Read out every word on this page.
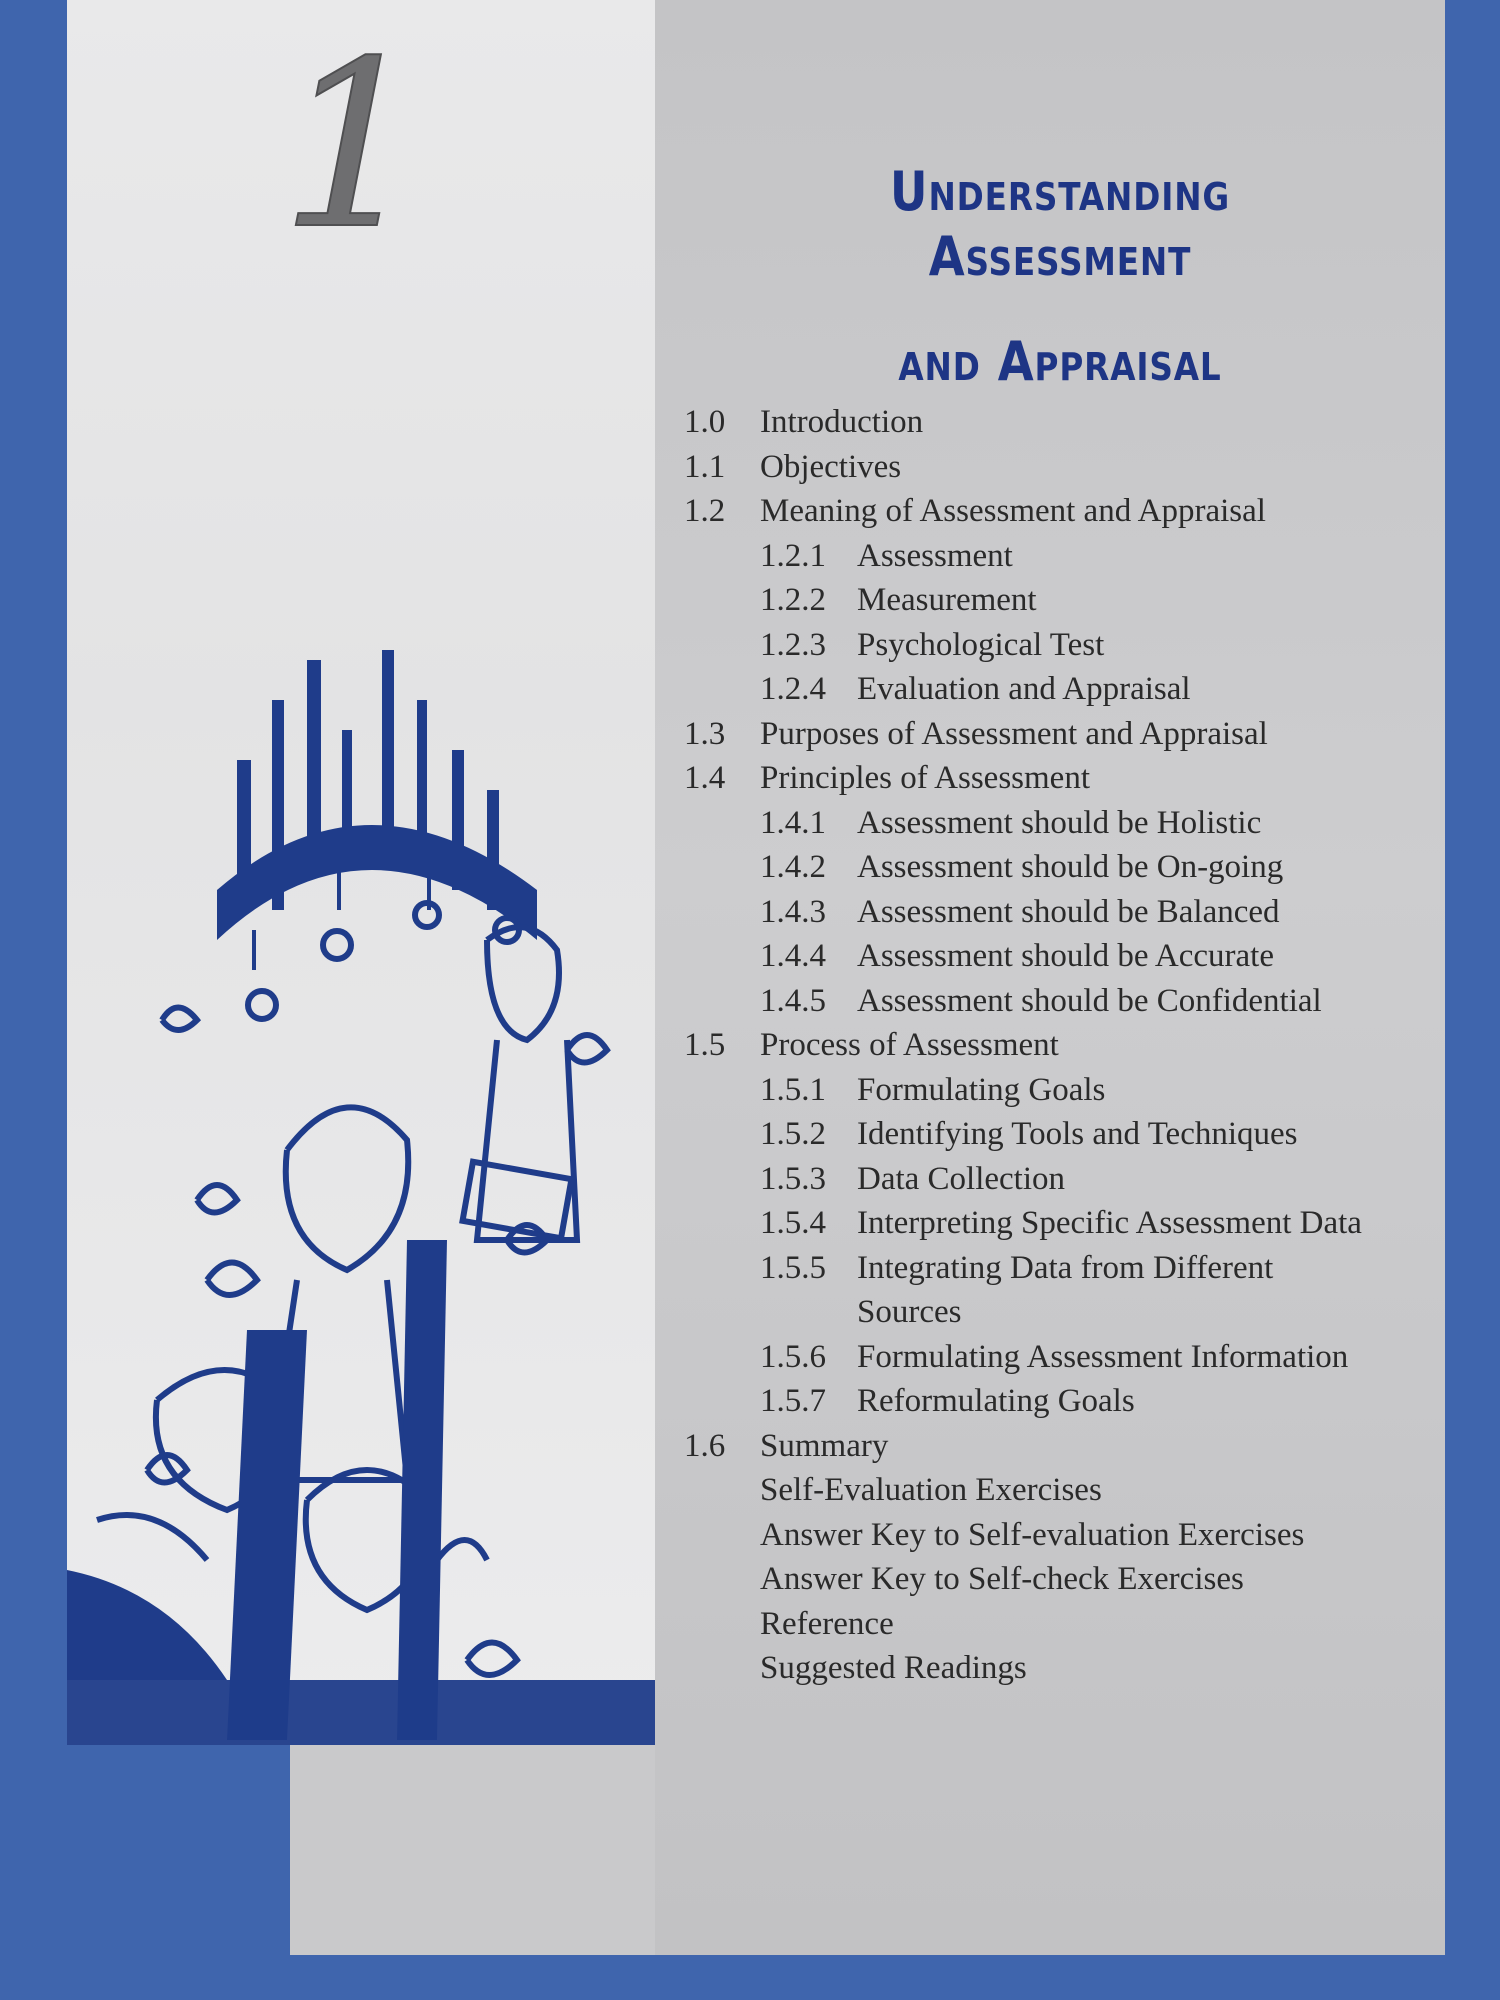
1	Understanding Assessment
and Appraisal
1.0 Introduction
1.1 Objectives
1.2 Meaning of Assessment and Appraisal
1.2.1 Assessment
1.2.2 Measurement
1.2.3 Psychological Test
1.2.4 Evaluation and Appraisal
1.3 Purposes of Assessment and Appraisal
1.4 Principles of Assessment
1.4.1 Assessment should be Holistic
1.4.2 Assessment should be On-going
1.4.3 Assessment should be Balanced
1.4.4 Assessment should be Accurate
1.4.5 Assessment should be Confidential
1.5 Process of Assessment
1.5.1 Formulating Goals
1.5.2 Identifying Tools and Techniques
1.5.3 Data Collection
1.5.4 Interpreting Specific Assessment Data
1.5.5 Integrating Data from Different Sources
1.5.6 Formulating Assessment Information
1.5.7 Reformulating Goals
1.6 Summary
Self-Evaluation Exercises
Answer Key to Self-evaluation Exercises
Answer Key to Self-check Exercises
Reference
Suggested Readings
